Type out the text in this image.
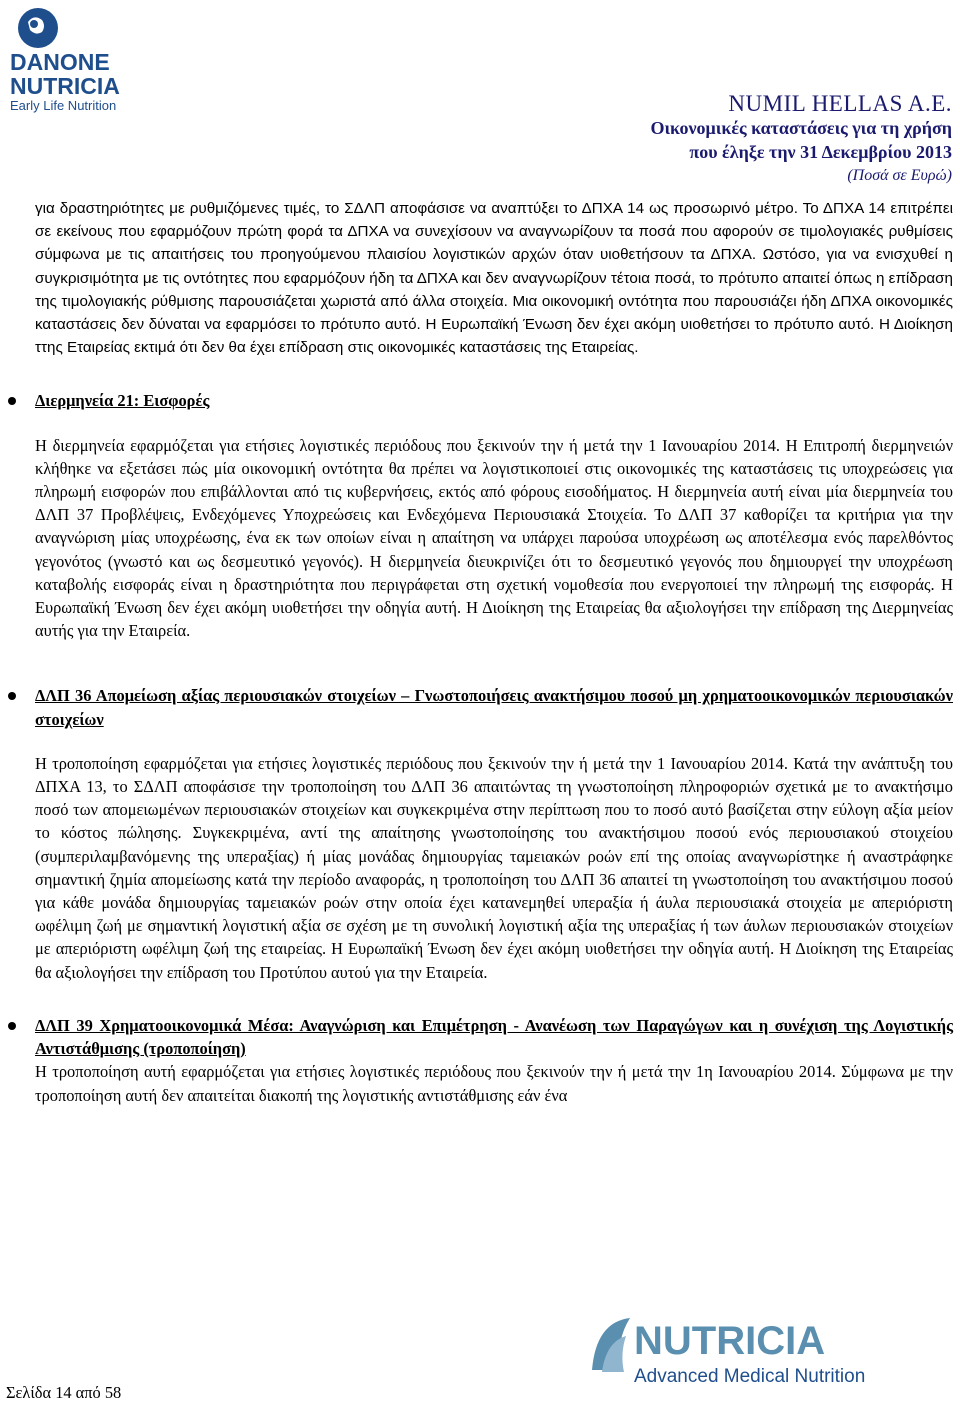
DANONE
NUTRICIA
Early Life Nutrition	NUMIL HELLAS A.E.
Οικονομικές καταστάσεις για τη χρήση
που έληξε την 31 Δεκεμβρίου 2013
(Ποσά σε Ευρώ)

για δραστηριότητες με ρυθμιζόμενες τιμές, το ΣΔΛΠ αποφάσισε να αναπτύξει το ΔΠΧΑ 14 ως προσωρινό μέτρο. Το ΔΠΧΑ 14 επιτρέπει σε εκείνους που εφαρμόζουν πρώτη φορά τα ΔΠΧΑ να συνεχίσουν να αναγνωρίζουν τα ποσά που αφορούν σε τιμολογιακές ρυθμίσεις σύμφωνα με τις απαιτήσεις του προηγούμενου πλαισίου λογιστικών αρχών όταν υιοθετήσουν τα ΔΠΧΑ. Ωστόσο, για να ενισχυθεί η συγκρισιμότητα με τις οντότητες που εφαρμόζουν ήδη τα ΔΠΧΑ και δεν αναγνωρίζουν τέτοια ποσά, το πρότυπο απαιτεί όπως η επίδραση της τιμολογιακής ρύθμισης παρουσιάζεται χωριστά από άλλα στοιχεία. Μια οικονομική οντότητα που παρουσιάζει ήδη ΔΠΧΑ οικονομικές καταστάσεις δεν δύναται να εφαρμόσει το πρότυπο αυτό. Η Ευρωπαϊκή Ένωση δεν έχει ακόμη υιοθετήσει το πρότυπο αυτό. Η Διοίκηση ττης Εταιρείας εκτιμά ότι δεν θα έχει επίδραση στις οικονομικές καταστάσεις της Εταιρείας.

Διερμηνεία 21: Εισφορές

Η διερμηνεία εφαρμόζεται για ετήσιες λογιστικές περιόδους που ξεκινούν την ή μετά την 1 Ιανουαρίου 2014. Η Επιτροπή διερμηνειών κλήθηκε να εξετάσει πώς μία οικονομική οντότητα θα πρέπει να λογιστικοποιεί στις οικονομικές της καταστάσεις τις υποχρεώσεις για πληρωμή εισφορών που επιβάλλονται από τις κυβερνήσεις, εκτός από φόρους εισοδήματος. Η διερμηνεία αυτή είναι μία διερμηνεία του ΔΛΠ 37 Προβλέψεις, Ενδεχόμενες Υποχρεώσεις και Ενδεχόμενα Περιουσιακά Στοιχεία. Το ΔΛΠ 37 καθορίζει τα κριτήρια για την αναγνώριση μίας υποχρέωσης, ένα εκ των οποίων είναι η απαίτηση να υπάρχει παρούσα υποχρέωση ως αποτέλεσμα ενός παρελθόντος γεγονότος (γνωστό και ως δεσμευτικό γεγονός). Η διερμηνεία διευκρινίζει ότι το δεσμευτικό γεγονός που δημιουργεί την υποχρέωση καταβολής εισφοράς είναι η δραστηριότητα που περιγράφεται στη σχετική νομοθεσία που ενεργοποιεί την πληρωμή της εισφοράς. Η Ευρωπαϊκή Ένωση δεν έχει ακόμη υιοθετήσει την οδηγία αυτή. Η Διοίκηση της Εταιρείας θα αξιολογήσει την επίδραση της Διερμηνείας αυτής για την Εταιρεία.

ΔΛΠ 36 Απομείωση αξίας περιουσιακών στοιχείων – Γνωστοποιήσεις ανακτήσιμου ποσού μη χρηματοοικονομικών περιουσιακών στοιχείων

Η τροποποίηση εφαρμόζεται για ετήσιες λογιστικές περιόδους που ξεκινούν την ή μετά την 1 Ιανουαρίου 2014. Κατά την ανάπτυξη του ΔΠΧΑ 13, το ΣΔΛΠ αποφάσισε την τροποποίηση του ΔΛΠ 36 απαιτώντας τη γνωστοποίηση πληροφοριών σχετικά με το ανακτήσιμο ποσό των απομειωμένων περιουσιακών στοιχείων και συγκεκριμένα στην περίπτωση που το ποσό αυτό βασίζεται στην εύλογη αξία μείον το κόστος πώλησης. Συγκεκριμένα, αντί της απαίτησης γνωστοποίησης του ανακτήσιμου ποσού ενός περιουσιακού στοιχείου (συμπεριλαμβανόμενης της υπεραξίας) ή μίας μονάδας δημιουργίας ταμειακών ροών επί της οποίας αναγνωρίστηκε ή αναστράφηκε σημαντική ζημία απομείωσης κατά την περίοδο αναφοράς, η τροποποίηση του ΔΛΠ 36 απαιτεί τη γνωστοποίηση του ανακτήσιμου ποσού για κάθε μονάδα δημιουργίας ταμειακών ροών στην οποία έχει κατανεμηθεί υπεραξία ή άυλα περιουσιακά στοιχεία με απεριόριστη ωφέλιμη ζωή με σημαντική λογιστική αξία σε σχέση με τη συνολική λογιστική αξία της υπεραξίας ή των άυλων περιουσιακών στοιχείων με απεριόριστη ωφέλιμη ζωή της εταιρείας. Η Ευρωπαϊκή Ένωση δεν έχει ακόμη υιοθετήσει την οδηγία αυτή. Η Διοίκηση της Εταιρείας θα αξιολογήσει την επίδραση του Προτύπου αυτού για την Εταιρεία.

ΔΛΠ 39 Χρηματοοικονομικά Μέσα: Αναγνώριση και Επιμέτρηση - Ανανέωση των Παραγώγων και η συνέχιση της Λογιστικής Αντιστάθμισης (τροποποίηση)

Η τροποποίηση αυτή εφαρμόζεται για ετήσιες λογιστικές περιόδους που ξεκινούν την ή μετά την 1η Ιανουαρίου 2014. Σύμφωνα με την τροποποίηση αυτή δεν απαιτείται διακοπή της λογιστικής αντιστάθμισης εάν ένα

NUTRICIA
Advanced Medical Nutrition
Σελίδα 14 από 58
